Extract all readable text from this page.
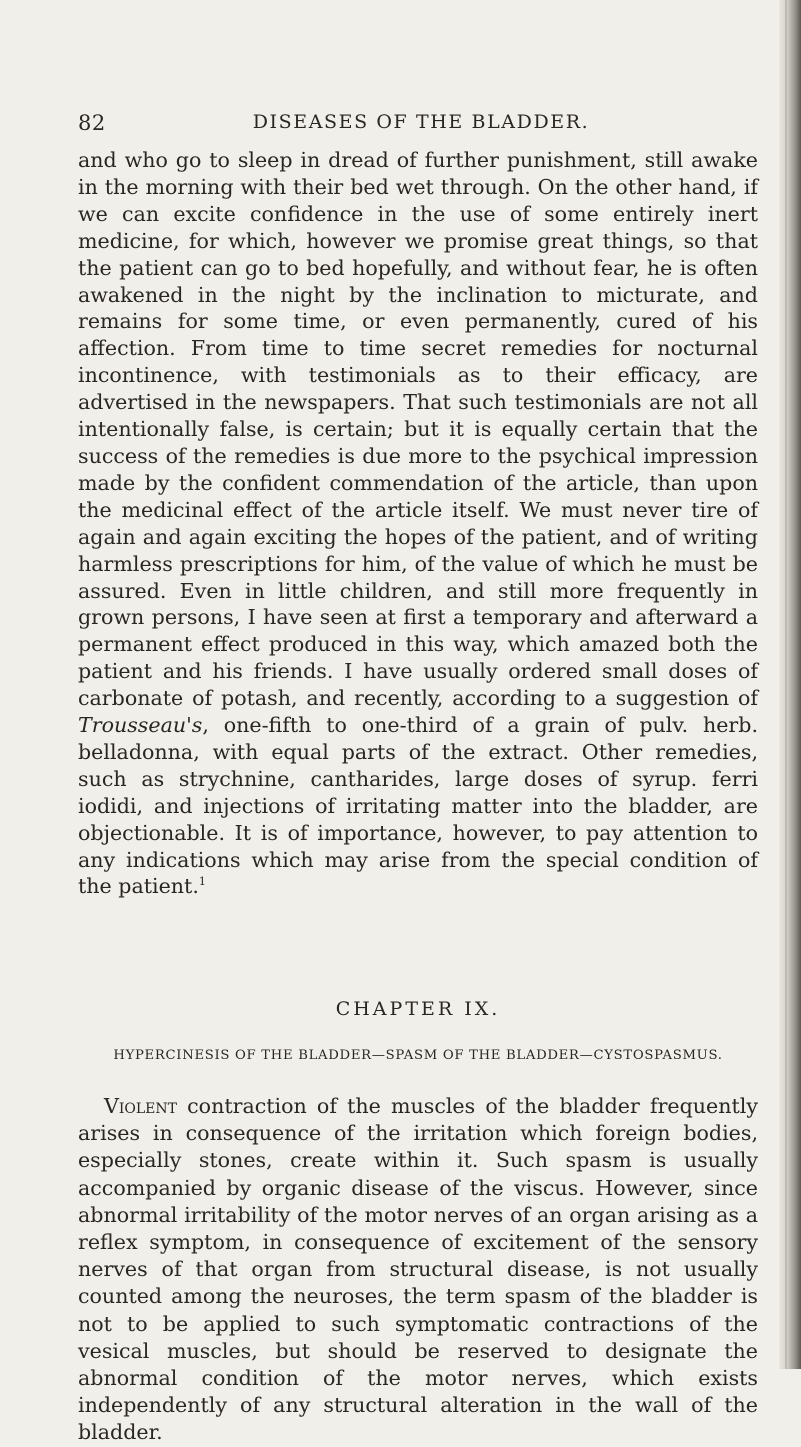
82	DISEASES OF THE BLADDER.

and who go to sleep in dread of further punishment, still awake in the morning with their bed wet through. On the other hand, if we can excite confidence in the use of some entirely inert medicine, for which, however we promise great things, so that the patient can go to bed hopefully, and without fear, he is often awakened in the night by the inclination to micturate, and remains for some time, or even permanently, cured of his affection. From time to time secret remedies for nocturnal incontinence, with testimonials as to their efficacy, are advertised in the newspapers. That such testimonials are not all intentionally false, is certain; but it is equally certain that the success of the remedies is due more to the psychical impression made by the confident commendation of the article, than upon the medicinal effect of the article itself. We must never tire of again and again exciting the hopes of the patient, and of writing harmless prescriptions for him, of the value of which he must be assured. Even in little children, and still more frequently in grown persons, I have seen at first a temporary and afterward a permanent effect produced in this way, which amazed both the patient and his friends. I have usually ordered small doses of carbonate of potash, and recently, according to a suggestion of Trousseau's, one-fifth to one-third of a grain of pulv. herb. belladonna, with equal parts of the extract. Other remedies, such as strychnine, cantharides, large doses of syrup. ferri iodidi, and injections of irritating matter into the bladder, are objectionable. It is of importance, however, to pay attention to any indications which may arise from the special condition of the patient.$^1$

CHAPTER IX.
HYPERCINESIS OF THE BLADDER—SPASM OF THE BLADDER—CYSTOSPASMUS.

Violent contraction of the muscles of the bladder frequently arises in consequence of the irritation which foreign bodies, especially stones, create within it. Such spasm is usually accompanied by organic disease of the viscus. However, since abnormal irritability of the motor nerves of an organ arising as a reflex symptom, in consequence of excitement of the sensory nerves of that organ from structural disease, is not usually counted among the neuroses, the term spasm of the bladder is not to be applied to such symptomatic contractions of the vesical muscles, but should be reserved to designate the abnormal condition of the motor nerves, which exists independently of any structural alteration in the wall of the bladder.
